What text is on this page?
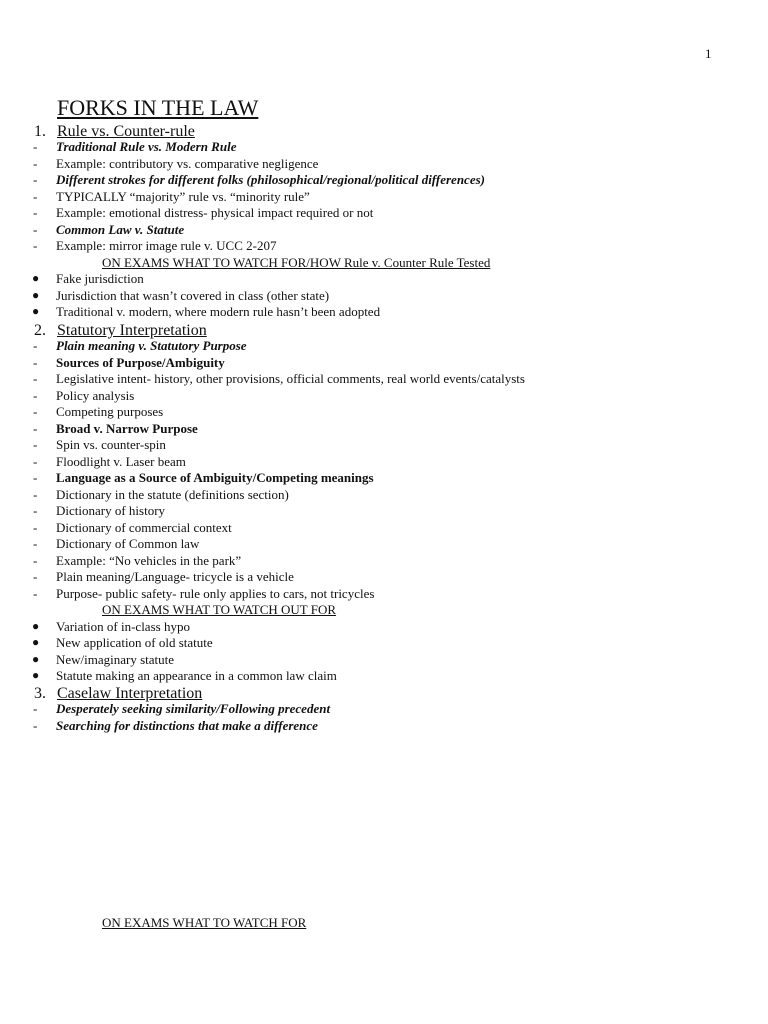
1
FORKS IN THE LAW
1. Rule vs. Counter-rule
- Traditional Rule vs. Modern Rule
- Example: contributory vs. comparative negligence
- Different strokes for different folks (philosophical/regional/political differences)
- TYPICALLY “majority” rule vs. “minority rule”
- Example: emotional distress- physical impact required or not
- Common Law v. Statute
- Example: mirror image rule v. UCC 2-207
ON EXAMS WHAT TO WATCH FOR/HOW Rule v. Counter Rule Tested
● Fake jurisdiction
● Jurisdiction that wasn’t covered in class (other state)
● Traditional v. modern, where modern rule hasn’t been adopted
2. Statutory Interpretation
- Plain meaning v. Statutory Purpose
- Sources of Purpose/Ambiguity
- Legislative intent- history, other provisions, official comments, real world events/catalysts
- Policy analysis
- Competing purposes
- Broad v. Narrow Purpose
- Spin vs. counter-spin
- Floodlight v. Laser beam
- Language as a Source of Ambiguity/Competing meanings
- Dictionary in the statute (definitions section)
- Dictionary of history
- Dictionary of commercial context
- Dictionary of Common law
- Example: “No vehicles in the park”
- Plain meaning/Language- tricycle is a vehicle
- Purpose- public safety- rule only applies to cars, not tricycles
ON EXAMS WHAT TO WATCH OUT FOR
● Variation of in-class hypo
● New application of old statute
● New/imaginary statute
● Statute making an appearance in a common law claim
3. Caselaw Interpretation
- Desperately seeking similarity/Following precedent
- Searching for distinctions that make a difference
ON EXAMS WHAT TO WATCH FOR
